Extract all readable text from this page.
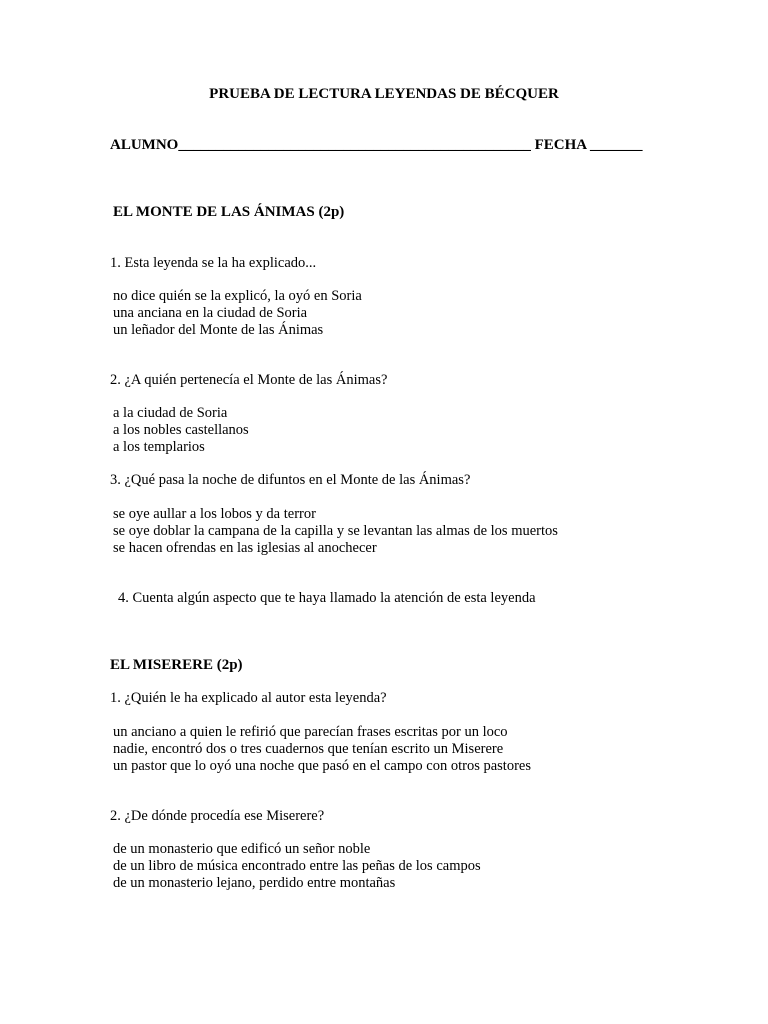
PRUEBA DE LECTURA LEYENDAS DE BÉCQUER
ALUMNO_______________________________________________ FECHA _______
EL MONTE DE LAS ÁNIMAS (2p)
1. Esta leyenda se la ha explicado...
no dice quién se la explicó, la oyó en Soria
una anciana en la ciudad de Soria
un leñador del Monte de las Ánimas
2. ¿A quién pertenecía el Monte de las Ánimas?
a la ciudad de Soria
a los nobles castellanos
a los templarios
3. ¿Qué pasa la noche de difuntos en el Monte de las Ánimas?
se oye aullar a los lobos y da terror
se oye doblar la campana de la capilla y se levantan las almas de los muertos
se hacen ofrendas en las iglesias al anochecer
4. Cuenta algún aspecto que te haya llamado la atención de esta leyenda
EL MISERERE (2p)
1. ¿Quién le ha explicado al autor esta leyenda?
un anciano a quien le refirió que parecían frases escritas por un loco
nadie, encontró dos o tres cuadernos que tenían escrito un Miserere
un pastor que lo oyó una noche que pasó en el campo con otros pastores
2. ¿De dónde procedía ese Miserere?
de un monasterio que edificó un señor noble
de un libro de música encontrado entre las peñas de los campos
de un monasterio lejano, perdido entre montañas
